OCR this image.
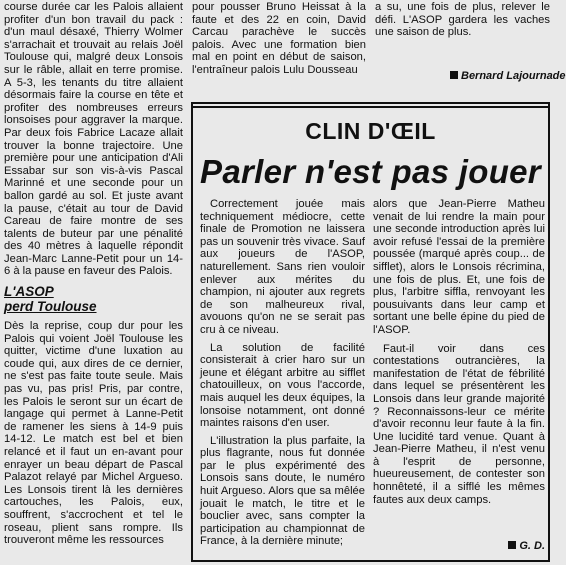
course durée car les Palois allaient profiter d'un bon travail du pack : d'un maul désaxé, Thierry Wolmer s'arrachait et trouvait au relais Joël Toulouse qui, malgré deux Lonsois sur le râble, allait en terre promise. A 5-3, les tenants du titre allaient désormais faire la course en tête et profiter des nombreuses erreurs lonsoises pour aggraver la marque. Par deux fois Fabrice Lacaze allait trouver la bonne trajectoire. Une première pour une anticipation d'Ali Essabar sur son vis-à-vis Pascal Marinné et une seconde pour un ballon gardé au sol. Et juste avant la pause, c'était au tour de David Careau de faire montre de ses talents de buteur par une pénalité des 40 mètres à laquelle répondit Jean-Marc Lanne-Petit pour un 14-6 à la pause en faveur des Palois.

L'ASOP
perd Toulouse

Dès la reprise, coup dur pour les Palois qui voient Joël Toulouse les quitter, victime d'une luxation au coude qui, aux dires de ce dernier, ne s'est pas faite toute seule. Mais pas vu, pas pris! Pris, par contre, les Palois le seront sur un écart de langage qui permet à Lanne-Petit de ramener les siens à 14-9 puis 14-12. Le match est bel et bien relancé et il faut un en-avant pour enrayer un beau départ de Pascal Palazot relayé par Michel Argueso. Les Lonsois tirent là les dernières cartouches, les Palois, eux, souffrent, s'accrochent et tel le roseau, plient sans rompre. Ils trouveront même les ressources

pour pousser Bruno Heissat à la faute et des 22 en coin, David Carcau parachève le succès palois. Avec une formation bien mal en point en début de saison, l'entraîneur palois Lulu Dousseau

a su, une fois de plus, relever le défi. L'ASOP gardera les vaches une saison de plus.

Bernard Lajournade
CLIN D'ŒIL
Parler n'est pas jouer

Correctement jouée mais techniquement médiocre, cette finale de Promotion ne laissera pas un souvenir très vivace. Sauf aux joueurs de l'ASOP, naturellement. Sans rien vouloir enlever aux mérites du champion, ni ajouter aux regrets de son malheureux rival, avouons qu'on ne se serait pas cru à ce niveau.

La solution de facilité consisterait à crier haro sur un jeune et élégant arbitre au sifflet chatouilleux, on vous l'accorde, mais auquel les deux équipes, la lonsoise notamment, ont donné maintes raisons d'en user.

L'illustration la plus parfaite, la plus flagrante, nous fut donnée par le plus expérimenté des Lonsois sans doute, le numéro huit Argueso. Alors que sa mêlée jouait le match, le titre et le bouclier avec, sans compter la participation au championnat de France, à la dernière minute;

alors que Jean-Pierre Matheu venait de lui rendre la main pour une seconde introduction après lui avoir refusé l'essai de la première poussée (marqué après coup... de sifflet), alors le Lonsois récrimina, une fois de plus. Et, une fois de plus, l'arbitre siffla, renvoyant les pousuivants dans leur camp et sortant une belle épine du pied de l'ASOP.

Faut-il voir dans ces contestations outrancières, la manifestation de l'état de fébrilité dans lequel se présentèrent les Lonsois dans leur grande majorité ? Reconnaissons-leur ce mérite d'avoir reconnu leur faute à la fin. Une lucidité tard venue. Quant à Jean-Pierre Matheu, il n'est venu à l'esprit de personne, hueureusement, de contester son honnêteté, il a sifflé les mêmes fautes aux deux camps.

G. D.
